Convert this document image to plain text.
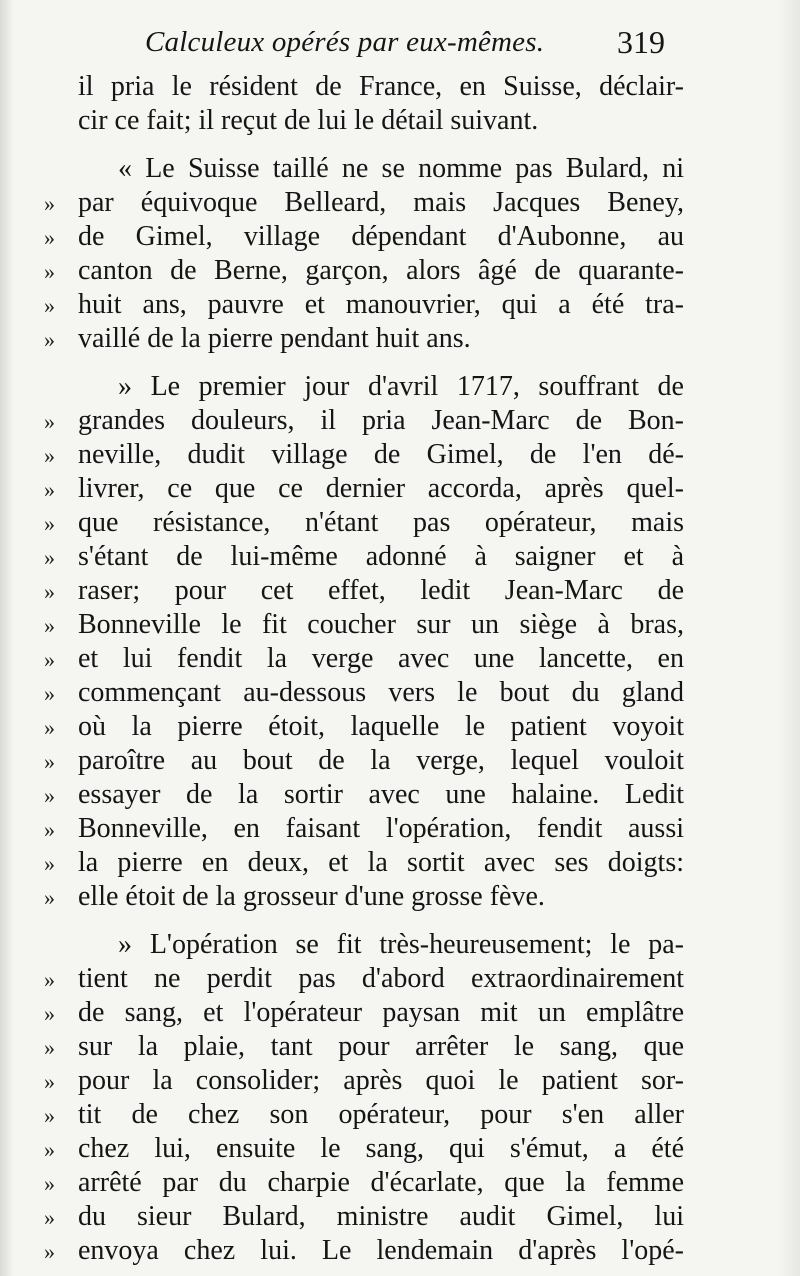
Calculeux opérés par eux-mêmes. 319
il pria le résident de France, en Suisse, déclair-
cir ce fait; il reçut de lui le détail suivant.
« Le Suisse taillé ne se nomme pas Bulard, ni
» par équivoque Belleard, mais Jacques Beney,
» de Gimel, village dépendant d'Aubonne, au
» canton de Berne, garçon, alors âgé de quarante-
» huit ans, pauvre et manouvrier, qui a été tra-
» vaillé de la pierre pendant huit ans.
» Le premier jour d'avril 1717, souffrant de
» grandes douleurs, il pria Jean-Marc de Bon-
» neville, dudit village de Gimel, de l'en dé-
» livrer, ce que ce dernier accorda, après quel-
» que résistance, n'étant pas opérateur, mais
» s'étant de lui-même adonné à saigner et à
» raser; pour cet effet, ledit Jean-Marc de
» Bonneville le fit coucher sur un siège à bras,
» et lui fendit la verge avec une lancette, en
» commençant au-dessous vers le bout du gland
» où la pierre étoit, laquelle le patient voyoit
» paroître au bout de la verge, lequel vouloit
» essayer de la sortir avec une halaine. Ledit
» Bonneville, en faisant l'opération, fendit aussi
» la pierre en deux, et la sortit avec ses doigts:
» elle étoit de la grosseur d'une grosse fève.
» L'opération se fit très-heureusement; le pa-
» tient ne perdit pas d'abord extraordinairement
» de sang, et l'opérateur paysan mit un emplâtre
» sur la plaie, tant pour arrêter le sang, que
» pour la consolider; après quoi le patient sor-
» tit de chez son opérateur, pour s'en aller
» chez lui, ensuite le sang, qui s'émut, a été
» arrêté par du charpie d'écarlate, que la femme
» du sieur Bulard, ministre audit Gimel, lui
» envoya chez lui. Le lendemain d'après l'opé-
